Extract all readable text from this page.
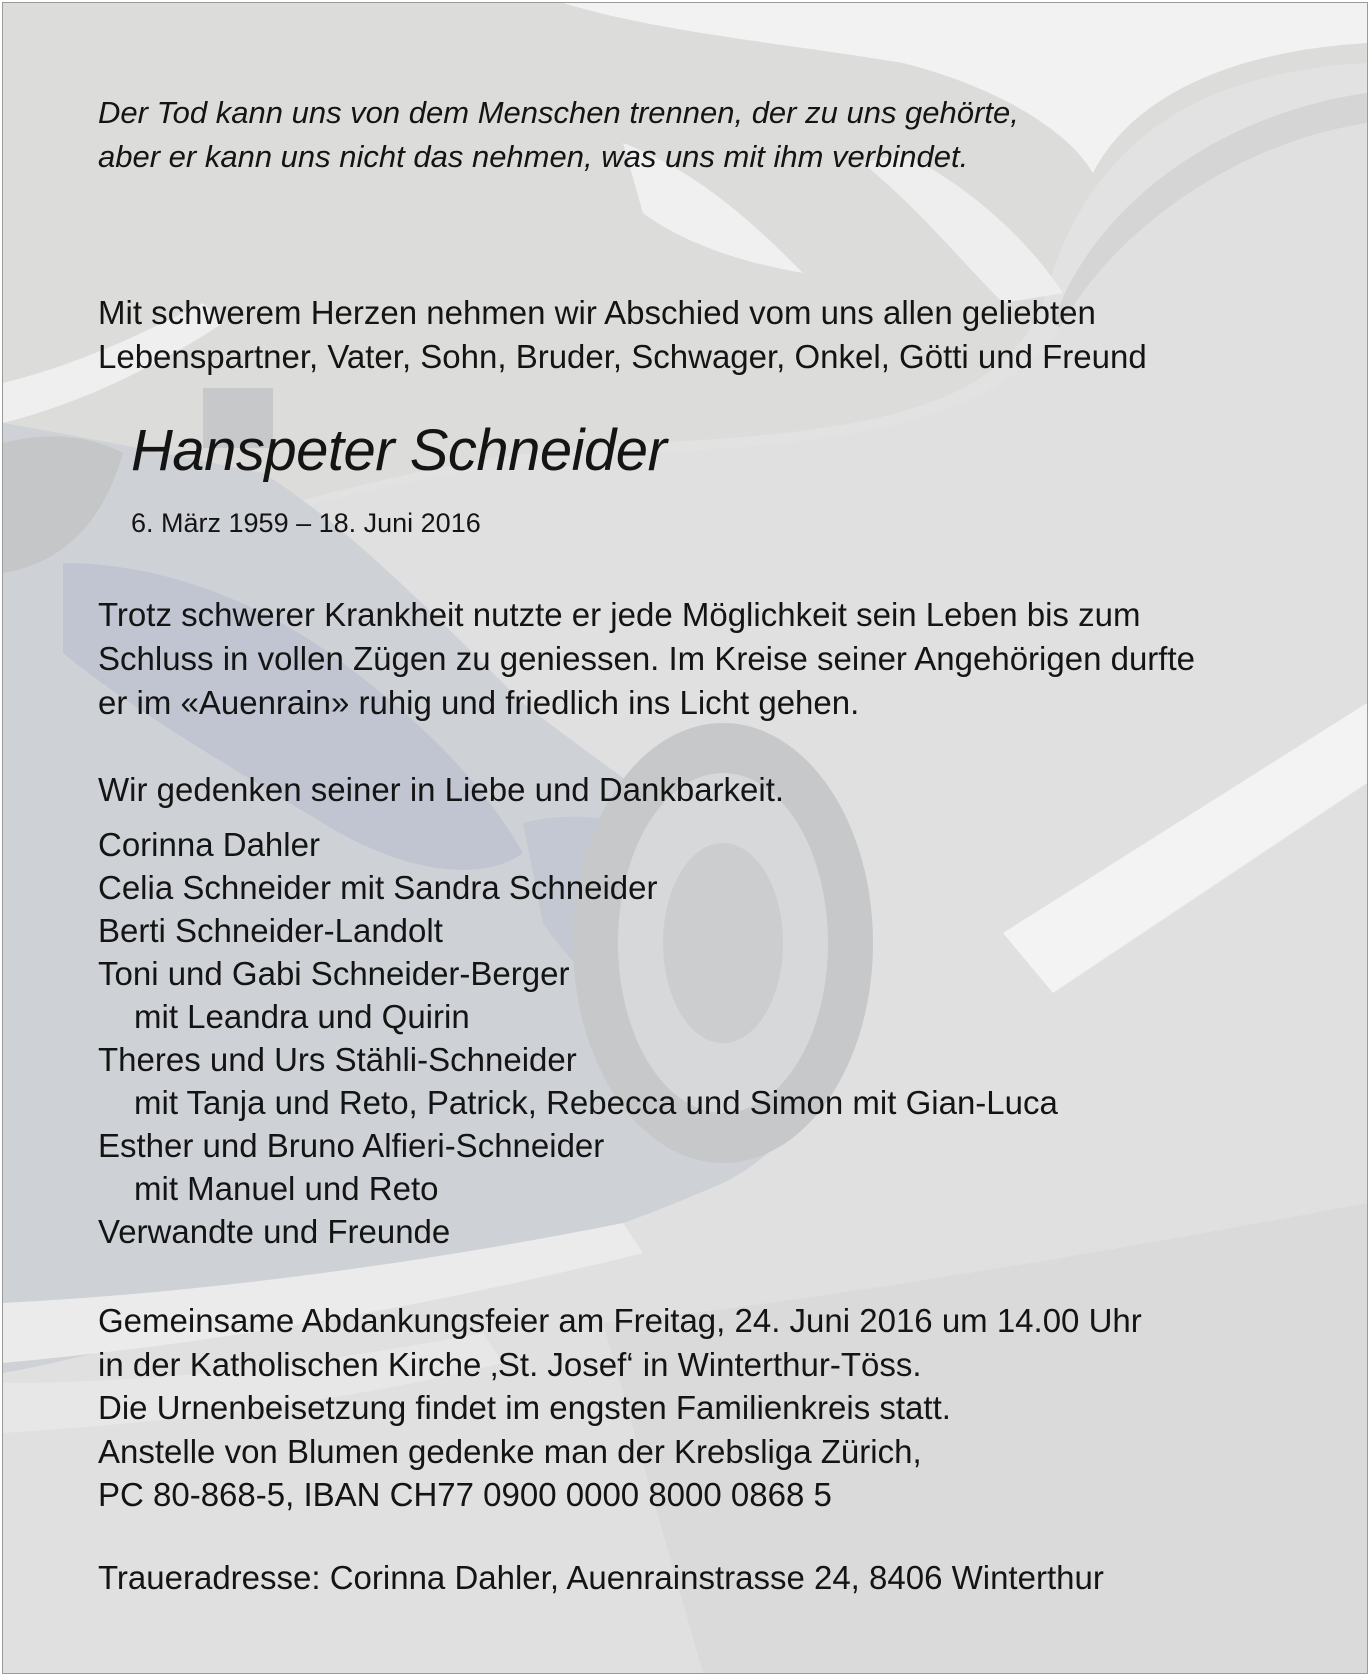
Der Tod kann uns von dem Menschen trennen, der zu uns gehörte,
aber er kann uns nicht das nehmen, was uns mit ihm verbindet.

Mit schwerem Herzen nehmen wir Abschied vom uns allen geliebten
Lebenspartner, Vater, Sohn, Bruder, Schwager, Onkel, Götti und Freund

Hanspeter Schneider

6. März 1959 – 18. Juni 2016

Trotz schwerer Krankheit nutzte er jede Möglichkeit sein Leben bis zum
Schluss in vollen Zügen zu geniessen. Im Kreise seiner Angehörigen durfte
er im «Auenrain» ruhig und friedlich ins Licht gehen.

Wir gedenken seiner in Liebe und Dankbarkeit.

Corinna Dahler
Celia Schneider mit Sandra Schneider
Berti Schneider-Landolt
Toni und Gabi Schneider-Berger
mit Leandra und Quirin
Theres und Urs Stähli-Schneider
mit Tanja und Reto, Patrick, Rebecca und Simon mit Gian-Luca
Esther und Bruno Alfieri-Schneider
mit Manuel und Reto
Verwandte und Freunde

Gemeinsame Abdankungsfeier am Freitag, 24. Juni 2016 um 14.00 Uhr
in der Katholischen Kirche ‚St. Josef‘ in Winterthur-Töss.
Die Urnenbeisetzung findet im engsten Familienkreis statt.
Anstelle von Blumen gedenke man der Krebsliga Zürich,
PC 80-868-5, IBAN CH77 0900 0000 8000 0868 5

Traueradresse: Corinna Dahler, Auenrainstrasse 24, 8406 Winterthur
